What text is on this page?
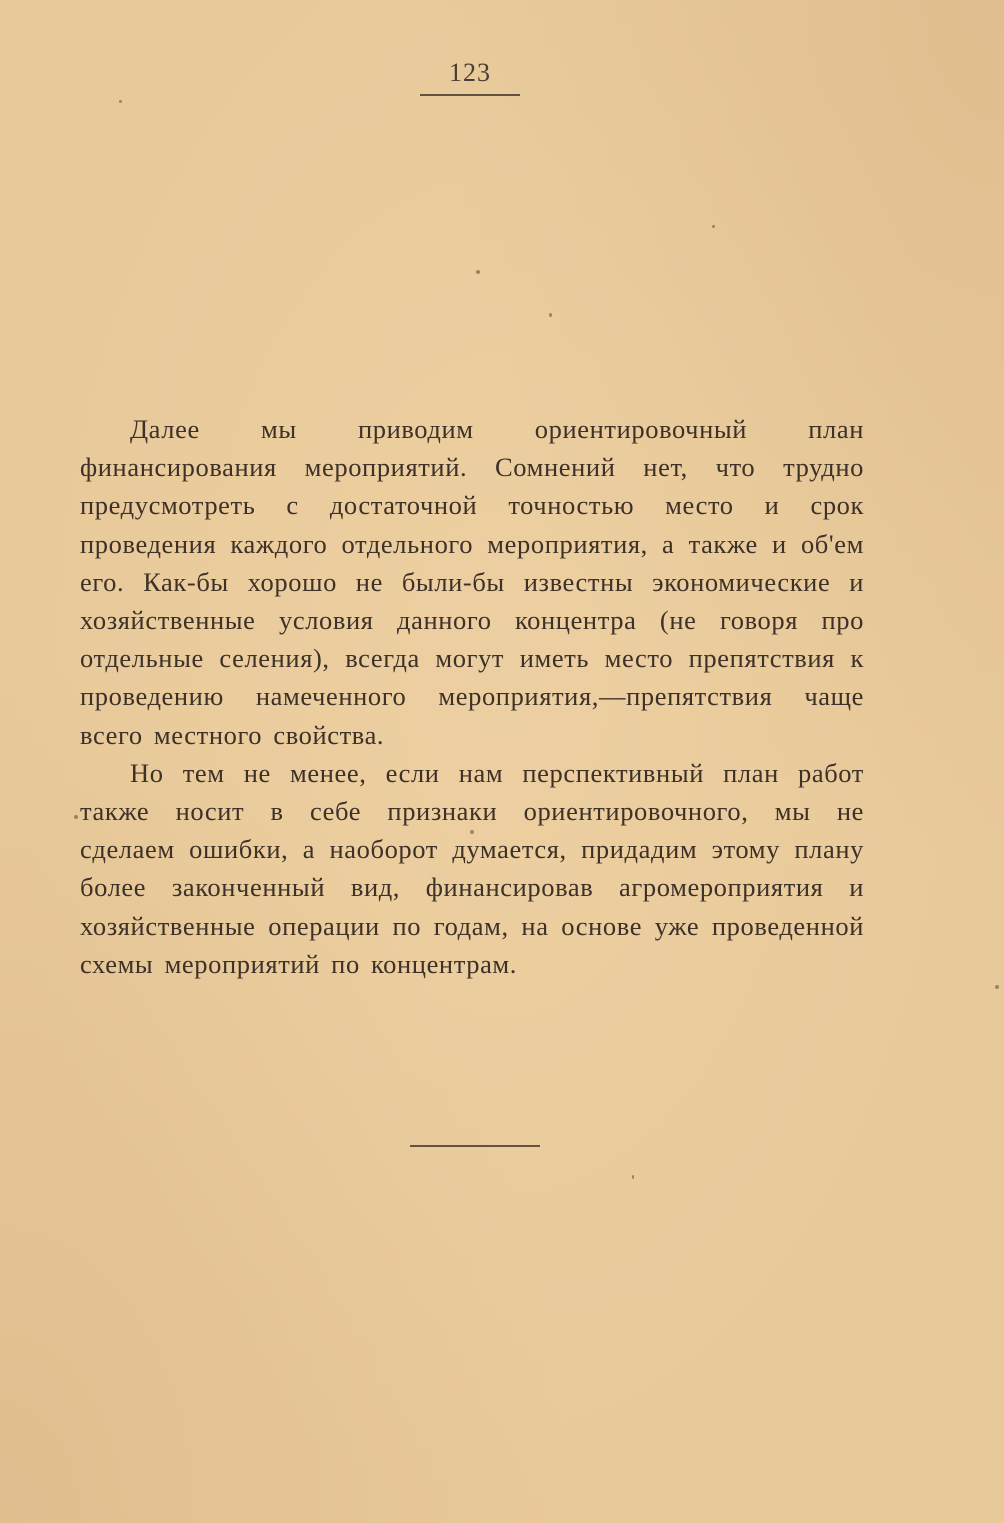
123

Далее мы приводим ориентировочный план финансирования мероприятий. Сомнений нет, что трудно предусмотреть с достаточной точностью место и срок проведения каждого отдельного мероприятия, а также и об'ем его. Как-бы хорошо не были-бы известны экономические и хозяйственные условия данного концентра (не говоря про отдельные селения), всегда могут иметь место препятствия к проведению намеченного мероприятия,—препятствия чаще всего местного свойства.

Но тем не менее, если нам перспективный план работ также носит в себе признаки ориентировочного, мы не сделаем ошибки, а наоборот думается, придадим этому плану более законченный вид, финансировав агромероприятия и хозяйственные операции по годам, на основе уже проведенной схемы мероприятий по концентрам.
